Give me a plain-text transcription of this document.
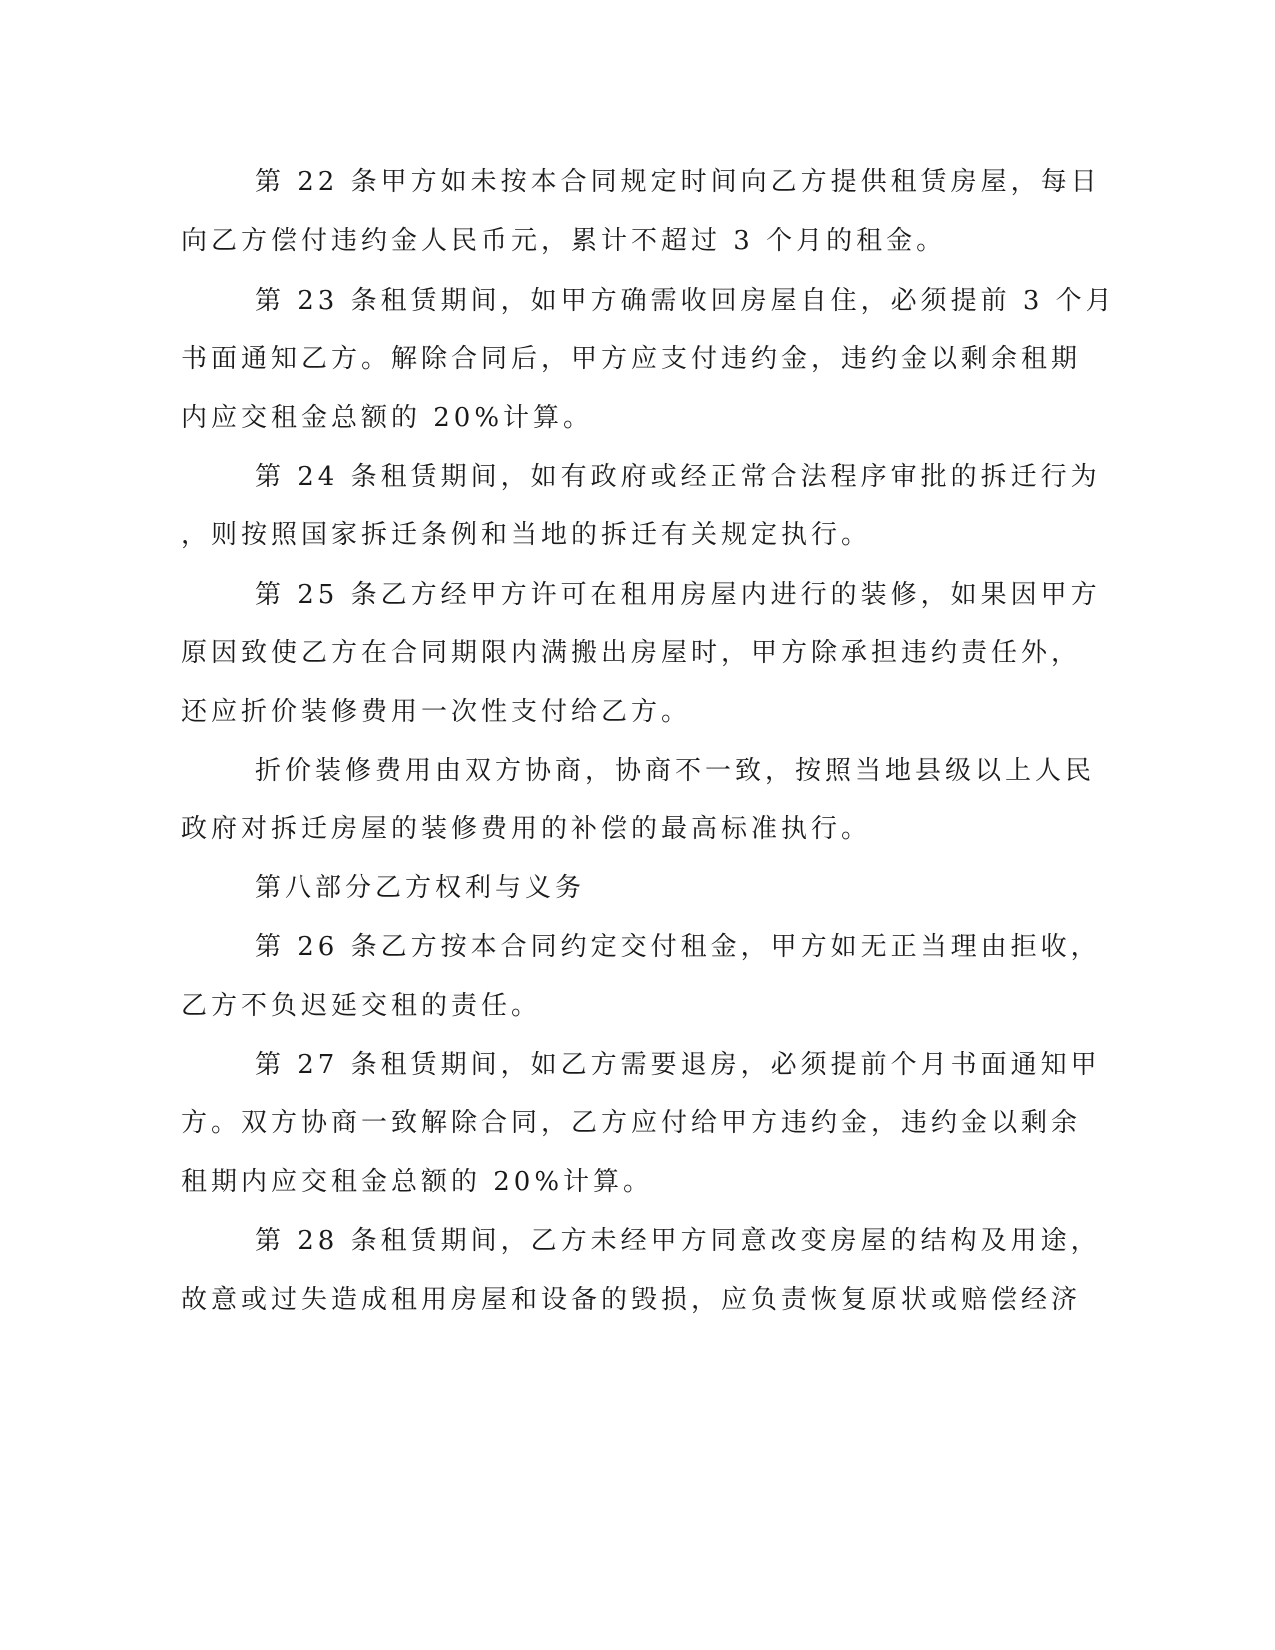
第 22 条甲方如未按本合同规定时间向乙方提供租赁房屋，每日

向乙方偿付违约金人民币元，累计不超过 3 个月的租金。

第 23 条租赁期间，如甲方确需收回房屋自住，必须提前 3 个月

书面通知乙方。解除合同后，甲方应支付违约金，违约金以剩余租期

内应交租金总额的 20%计算。

第 24 条租赁期间，如有政府或经正常合法程序审批的拆迁行为

，则按照国家拆迁条例和当地的拆迁有关规定执行。

第 25 条乙方经甲方许可在租用房屋内进行的装修，如果因甲方

原因致使乙方在合同期限内满搬出房屋时，甲方除承担违约责任外，

还应折价装修费用一次性支付给乙方。

折价装修费用由双方协商，协商不一致，按照当地县级以上人民

政府对拆迁房屋的装修费用的补偿的最高标准执行。

第八部分乙方权利与义务

第 26 条乙方按本合同约定交付租金，甲方如无正当理由拒收，

乙方不负迟延交租的责任。

第 27 条租赁期间，如乙方需要退房，必须提前个月书面通知甲

方。双方协商一致解除合同，乙方应付给甲方违约金，违约金以剩余

租期内应交租金总额的 20%计算。

第 28 条租赁期间，乙方未经甲方同意改变房屋的结构及用途，

故意或过失造成租用房屋和设备的毁损，应负责恢复原状或赔偿经济
